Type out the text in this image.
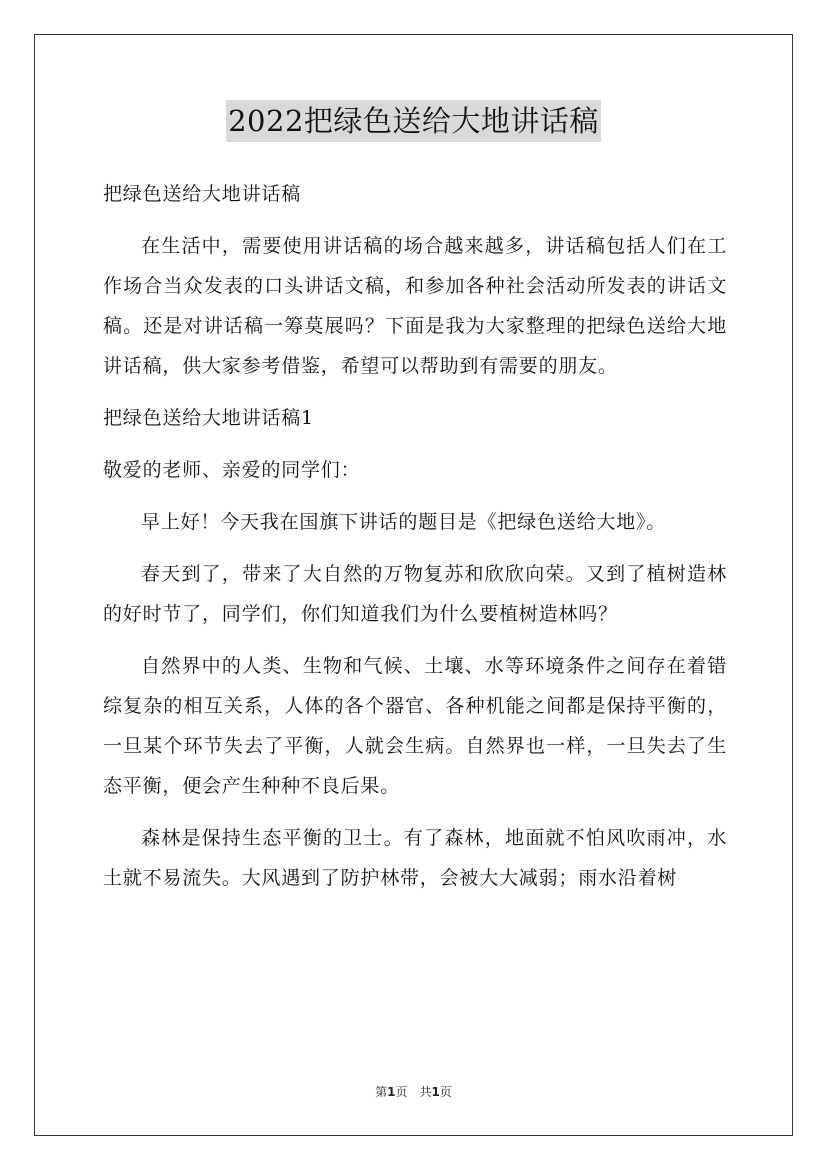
2022把绿色送给大地讲话稿

把绿色送给大地讲话稿

在生活中，需要使用讲话稿的场合越来越多，讲话稿包括人们在工作场合当众发表的口头讲话文稿，和参加各种社会活动所发表的讲话文稿。还是对讲话稿一筹莫展吗？下面是我为大家整理的把绿色送给大地讲话稿，供大家参考借鉴，希望可以帮助到有需要的朋友。

把绿色送给大地讲话稿1

敬爱的老师、亲爱的同学们：

早上好！今天我在国旗下讲话的题目是《把绿色送给大地》。

春天到了，带来了大自然的万物复苏和欣欣向荣。又到了植树造林的好时节了，同学们，你们知道我们为什么要植树造林吗？

自然界中的人类、生物和气候、土壤、水等环境条件之间存在着错综复杂的相互关系，人体的各个器官、各种机能之间都是保持平衡的，一旦某个环节失去了平衡，人就会生病。自然界也一样，一旦失去了生态平衡，便会产生种种不良后果。

森林是保持生态平衡的卫士。有了森林，地面就不怕风吹雨冲，水土就不易流失。大风遇到了防护林带，会被大大减弱；雨水沿着树

第1页 共1页
